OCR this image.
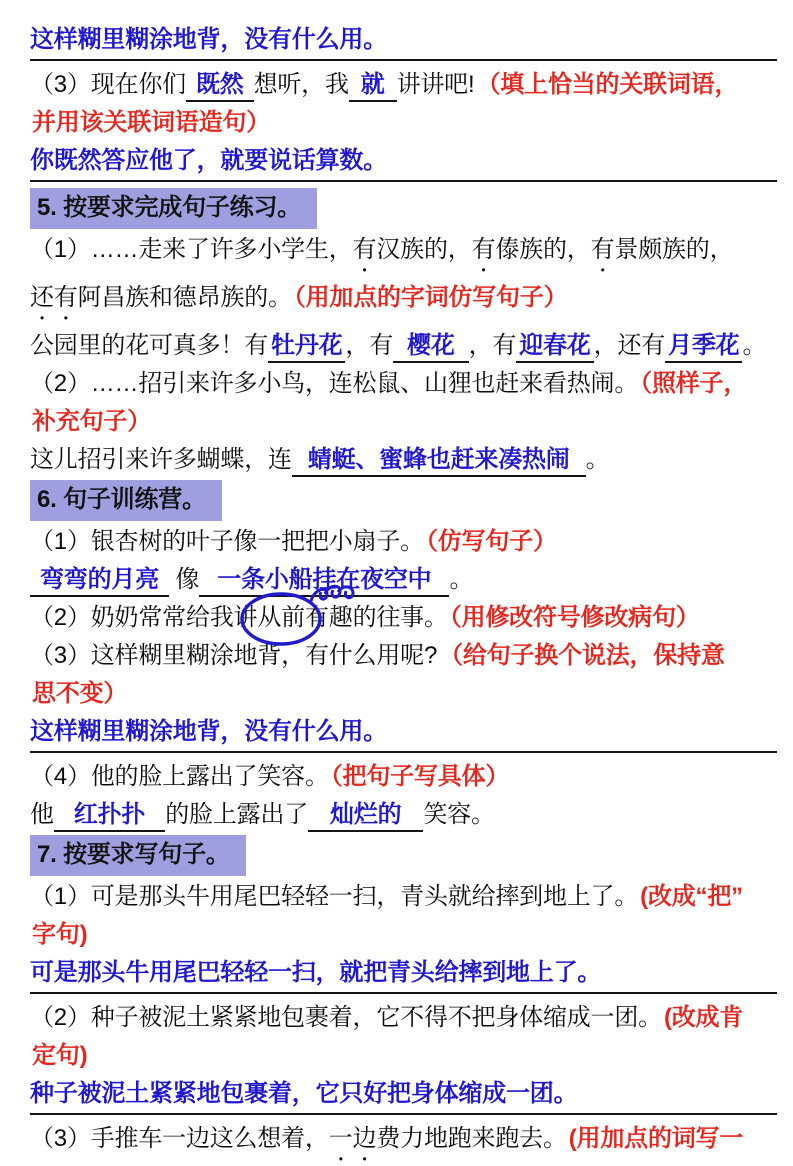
这样糊里糊涂地背，没有什么用。
（3）现在你们 既然 想听，我 就 讲讲吧!（填上恰当的关联词语，
并用该关联词语造句）
你既然答应他了，就要说话算数。
5. 按要求完成句子练习。
（1）……走来了许多小学生，有汉族的，有傣族的，有景颇族的，
还有阿昌族和德昂族的。（用加点的字词仿写句子）
公园里的花可真多！有 牡丹花 ，有 樱花 ，有 迎春花 ，还有 月季花 。
（2）……招引来许多小鸟，连松鼠、山狸也赶来看热闹。（照样子，
补充句子）
这儿招引来许多蝴蝶，连 蜻蜓、蜜蜂也赶来凑热闹 。
6. 句子训练营。
（1）银杏树的叶子像一把把小扇子。（仿写句子）
弯弯的月亮 像 一条小船挂在夜空中 。
（2）奶奶常常给我讲从前
有趣的往事。（用修改符号修改病句）
（3）这样糊里糊涂地背，有什么用呢?（给句子换个说法，保持意
思不变）
这样糊里糊涂地背，没有什么用。
（4）他的脸上露出了笑容。（把句子写具体）
他 红扑扑 的脸上露出了 灿烂的 笑容。
7. 按要求写句子。
（1）可是那头牛用尾巴轻轻一扫，青头就给摔到地上了。(改成“把”
字句)
可是那头牛用尾巴轻轻一扫，就把青头给摔到地上了。
（2）种子被泥土紧紧地包裹着，它不得不把身体缩成一团。(改成肯
定句)
种子被泥土紧紧地包裹着，它只好把身体缩成一团。
（3）手推车一边这么想着，一边费力地跑来跑去。(用加点的词写一
